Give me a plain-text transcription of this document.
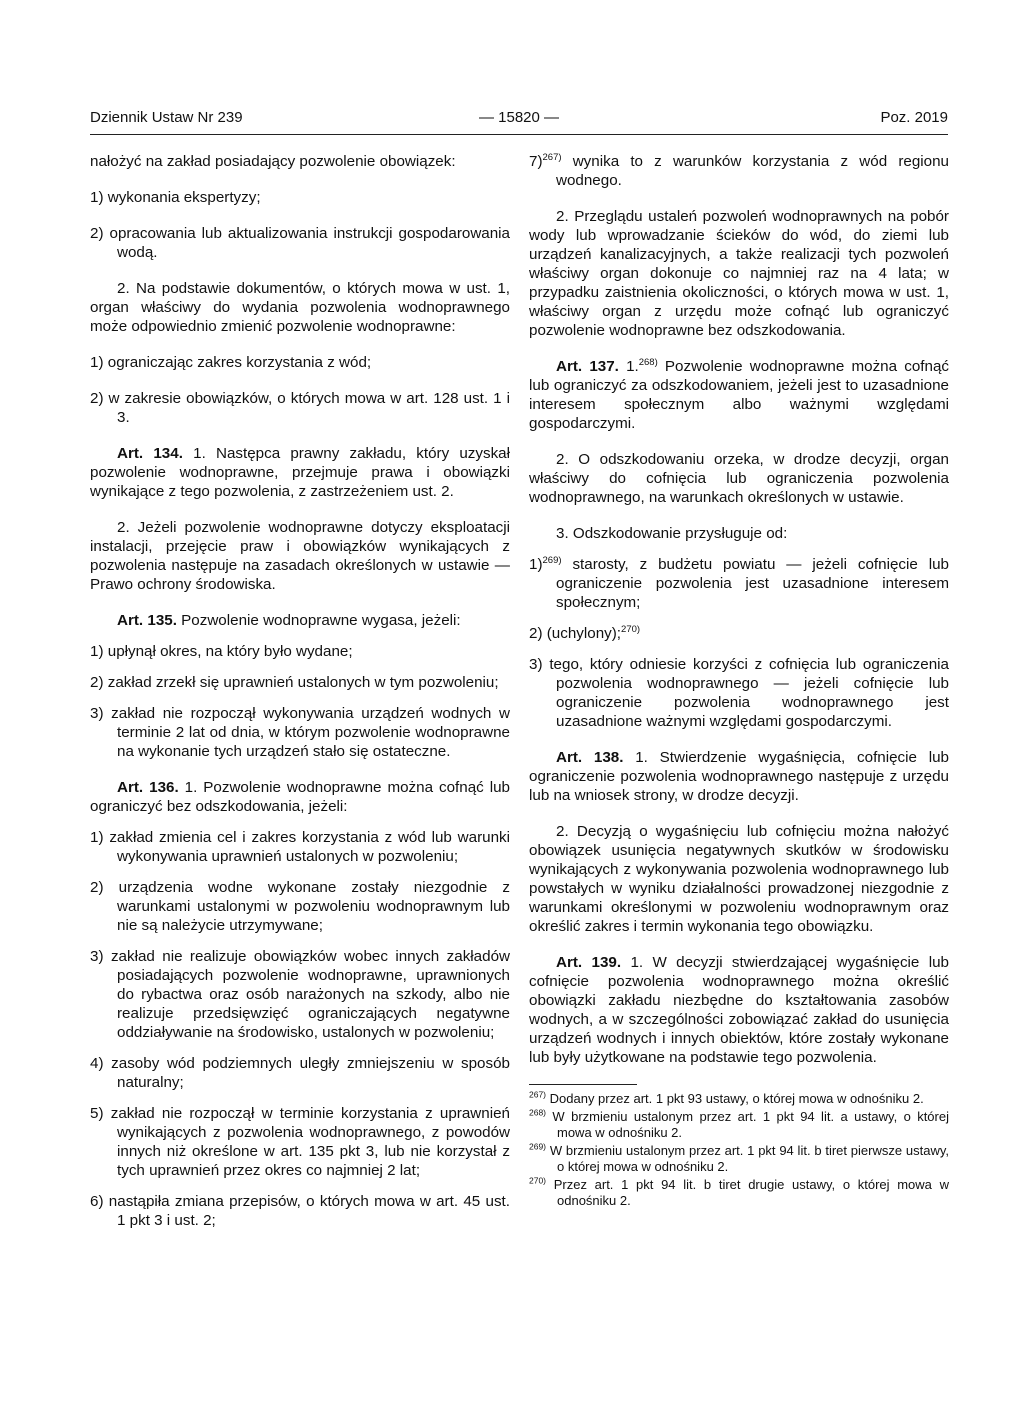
Dziennik Ustaw Nr 239	— 15820 —	Poz. 2019

nałożyć na zakład posiadający pozwolenie obowiązek:

1) wykonania ekspertyzy;

2) opracowania lub aktualizowania instrukcji gospodarowania wodą.

2. Na podstawie dokumentów, o których mowa w ust. 1, organ właściwy do wydania pozwolenia wodnoprawnego może odpowiednio zmienić pozwolenie wodnoprawne:

1) ograniczając zakres korzystania z wód;

2) w zakresie obowiązków, o których mowa w art. 128 ust. 1 i 3.

Art. 134. 1. Następca prawny zakładu, który uzyskał pozwolenie wodnoprawne, przejmuje prawa i obowiązki wynikające z tego pozwolenia, z zastrzeżeniem ust. 2.

2. Jeżeli pozwolenie wodnoprawne dotyczy eksploatacji instalacji, przejęcie praw i obowiązków wynikających z pozwolenia następuje na zasadach określonych w ustawie — Prawo ochrony środowiska.

Art. 135. Pozwolenie wodnoprawne wygasa, jeżeli:

1) upłynął okres, na który było wydane;

2) zakład zrzekł się uprawnień ustalonych w tym pozwoleniu;

3) zakład nie rozpoczął wykonywania urządzeń wodnych w terminie 2 lat od dnia, w którym pozwolenie wodnoprawne na wykonanie tych urządzeń stało się ostateczne.

Art. 136. 1. Pozwolenie wodnoprawne można cofnąć lub ograniczyć bez odszkodowania, jeżeli:

1) zakład zmienia cel i zakres korzystania z wód lub warunki wykonywania uprawnień ustalonych w pozwoleniu;

2) urządzenia wodne wykonane zostały niezgodnie z warunkami ustalonymi w pozwoleniu wodnoprawnym lub nie są należycie utrzymywane;

3) zakład nie realizuje obowiązków wobec innych zakładów posiadających pozwolenie wodnoprawne, uprawnionych do rybactwa oraz osób narażonych na szkody, albo nie realizuje przedsięwzięć ograniczających negatywne oddziaływanie na środowisko, ustalonych w pozwoleniu;

4) zasoby wód podziemnych uległy zmniejszeniu w sposób naturalny;

5) zakład nie rozpoczął w terminie korzystania z uprawnień wynikających z pozwolenia wodnoprawnego, z powodów innych niż określone w art. 135 pkt 3, lub nie korzystał z tych uprawnień przez okres co najmniej 2 lat;

6) nastąpiła zmiana przepisów, o których mowa w art. 45 ust. 1 pkt 3 i ust. 2;

7)$^{267)}$ wynika to z warunków korzystania z wód regionu wodnego.

2. Przeglądu ustaleń pozwoleń wodnoprawnych na pobór wody lub wprowadzanie ścieków do wód, do ziemi lub urządzeń kanalizacyjnych, a także realizacji tych pozwoleń właściwy organ dokonuje co najmniej raz na 4 lata; w przypadku zaistnienia okoliczności, o których mowa w ust. 1, właściwy organ z urzędu może cofnąć lub ograniczyć pozwolenie wodnoprawne bez odszkodowania.

Art. 137. 1.$^{268)}$ Pozwolenie wodnoprawne można cofnąć lub ograniczyć za odszkodowaniem, jeżeli jest to uzasadnione interesem społecznym albo ważnymi względami gospodarczymi.

2. O odszkodowaniu orzeka, w drodze decyzji, organ właściwy do cofnięcia lub ograniczenia pozwolenia wodnoprawnego, na warunkach określonych w ustawie.

3. Odszkodowanie przysługuje od:

1)$^{269)}$ starosty, z budżetu powiatu — jeżeli cofnięcie lub ograniczenie pozwolenia jest uzasadnione interesem społecznym;

2) (uchylony);$^{270)}$

3) tego, który odniesie korzyści z cofnięcia lub ograniczenia pozwolenia wodnoprawnego — jeżeli cofnięcie lub ograniczenie pozwolenia wodnoprawnego jest uzasadnione ważnymi względami gospodarczymi.

Art. 138. 1. Stwierdzenie wygaśnięcia, cofnięcie lub ograniczenie pozwolenia wodnoprawnego następuje z urzędu lub na wniosek strony, w drodze decyzji.

2. Decyzją o wygaśnięciu lub cofnięciu można nałożyć obowiązek usunięcia negatywnych skutków w środowisku wynikających z wykonywania pozwolenia wodnoprawnego lub powstałych w wyniku działalności prowadzonej niezgodnie z warunkami określonymi w pozwoleniu wodnoprawnym oraz określić zakres i termin wykonania tego obowiązku.

Art. 139. 1. W decyzji stwierdzającej wygaśnięcie lub cofnięcie pozwolenia wodnoprawnego można określić obowiązki zakładu niezbędne do kształtowania zasobów wodnych, a w szczególności zobowiązać zakład do usunięcia urządzeń wodnych i innych obiektów, które zostały wykonane lub były użytkowane na podstawie tego pozwolenia.

$^{267)}$ Dodany przez art. 1 pkt 93 ustawy, o której mowa w odnośniku 2.

$^{268)}$ W brzmieniu ustalonym przez art. 1 pkt 94 lit. a ustawy, o której mowa w odnośniku 2.

$^{269)}$ W brzmieniu ustalonym przez art. 1 pkt 94 lit. b tiret pierwsze ustawy, o której mowa w odnośniku 2.

$^{270)}$ Przez art. 1 pkt 94 lit. b tiret drugie ustawy, o której mowa w odnośniku 2.
